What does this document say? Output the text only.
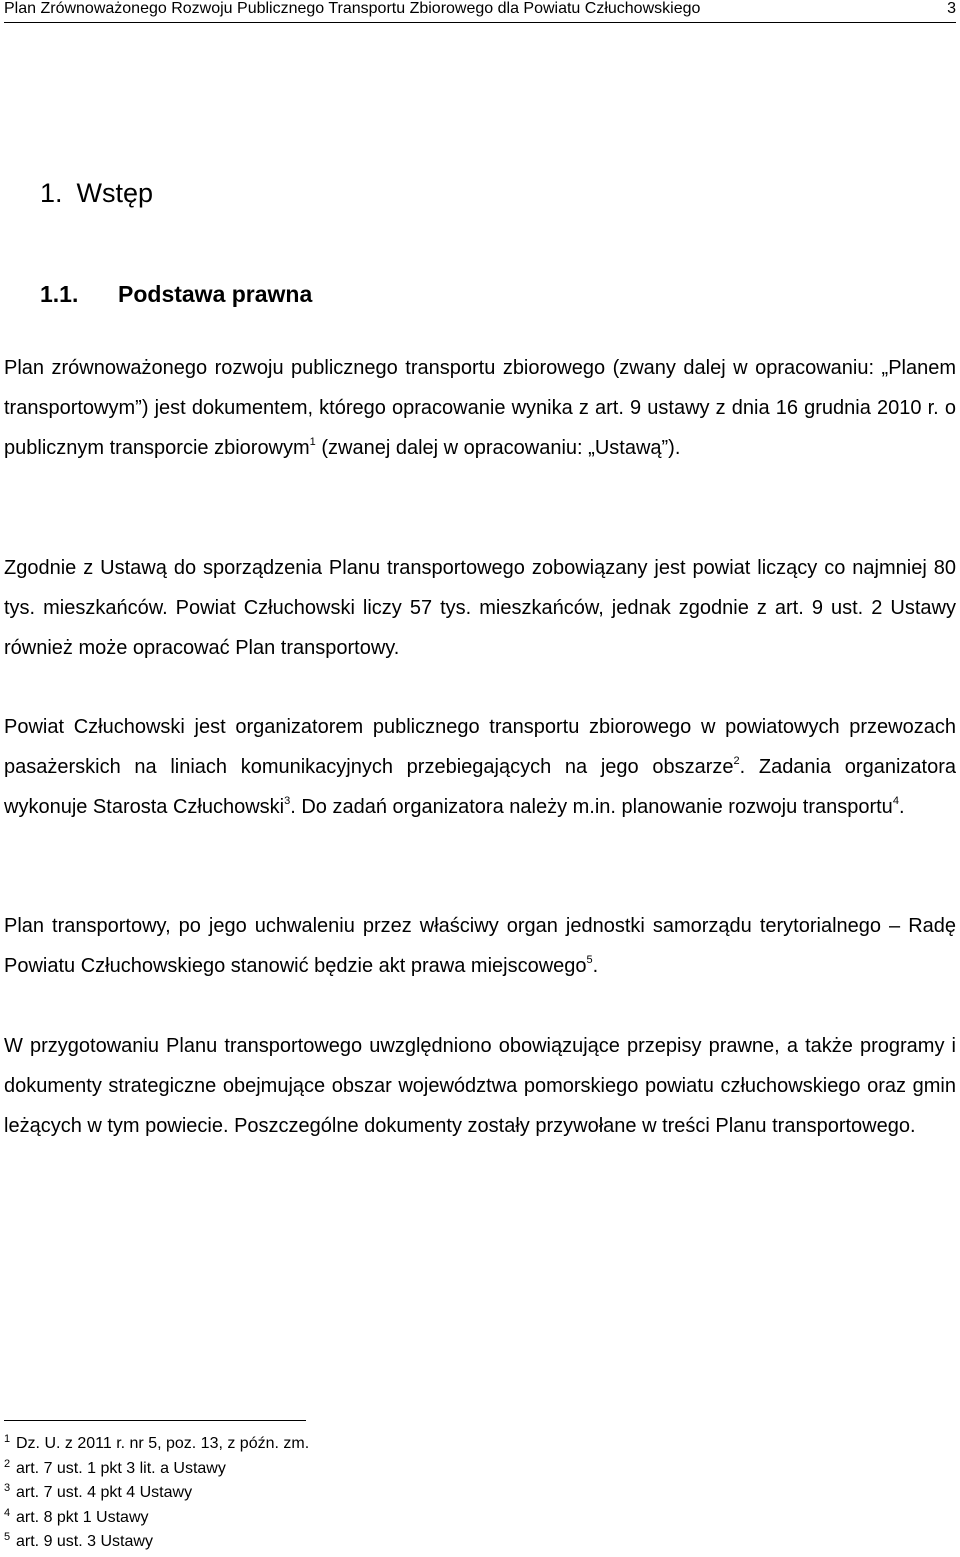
Plan Zrównoważonego Rozwoju Publicznego Transportu Zbiorowego dla Powiatu Człuchowskiego	3
1. Wstęp
1.1.	Podstawa prawna

Plan zrównoważonego rozwoju publicznego transportu zbiorowego (zwany dalej w opracowaniu: „Planem transportowym”) jest dokumentem, którego opracowanie wynika z art. 9 ustawy z dnia 16 grudnia 2010 r. o publicznym transporcie zbiorowym$^1$ (zwanej dalej w opracowaniu: „Ustawą”).

Zgodnie z Ustawą do sporządzenia Planu transportowego zobowiązany jest powiat liczący co najmniej 80 tys. mieszkańców. Powiat Człuchowski liczy 57 tys. mieszkańców, jednak zgodnie z art. 9 ust. 2 Ustawy również może opracować Plan transportowy.

Powiat Człuchowski jest organizatorem publicznego transportu zbiorowego w powiatowych przewozach pasażerskich na liniach komunikacyjnych przebiegających na jego obszarze$^2$. Zadania organizatora wykonuje Starosta Człuchowski$^3$. Do zadań organizatora należy m.in. planowanie rozwoju transportu$^4$.

Plan transportowy, po jego uchwaleniu przez właściwy organ jednostki samorządu terytorialnego – Radę Powiatu Człuchowskiego stanowić będzie akt prawa miejscowego$^5$.

W przygotowaniu Planu transportowego uwzględniono obowiązujące przepisy prawne, a także programy i dokumenty strategiczne obejmujące obszar województwa pomorskiego powiatu człuchowskiego oraz gmin leżących w tym powiecie. Poszczególne dokumenty zostały przywołane w treści Planu transportowego.

1 Dz. U. z 2011 r. nr 5, poz. 13, z późn. zm.
2 art. 7 ust. 1 pkt 3 lit. a Ustawy
3 art. 7 ust. 4 pkt 4 Ustawy
4 art. 8 pkt 1 Ustawy
5 art. 9 ust. 3 Ustawy
